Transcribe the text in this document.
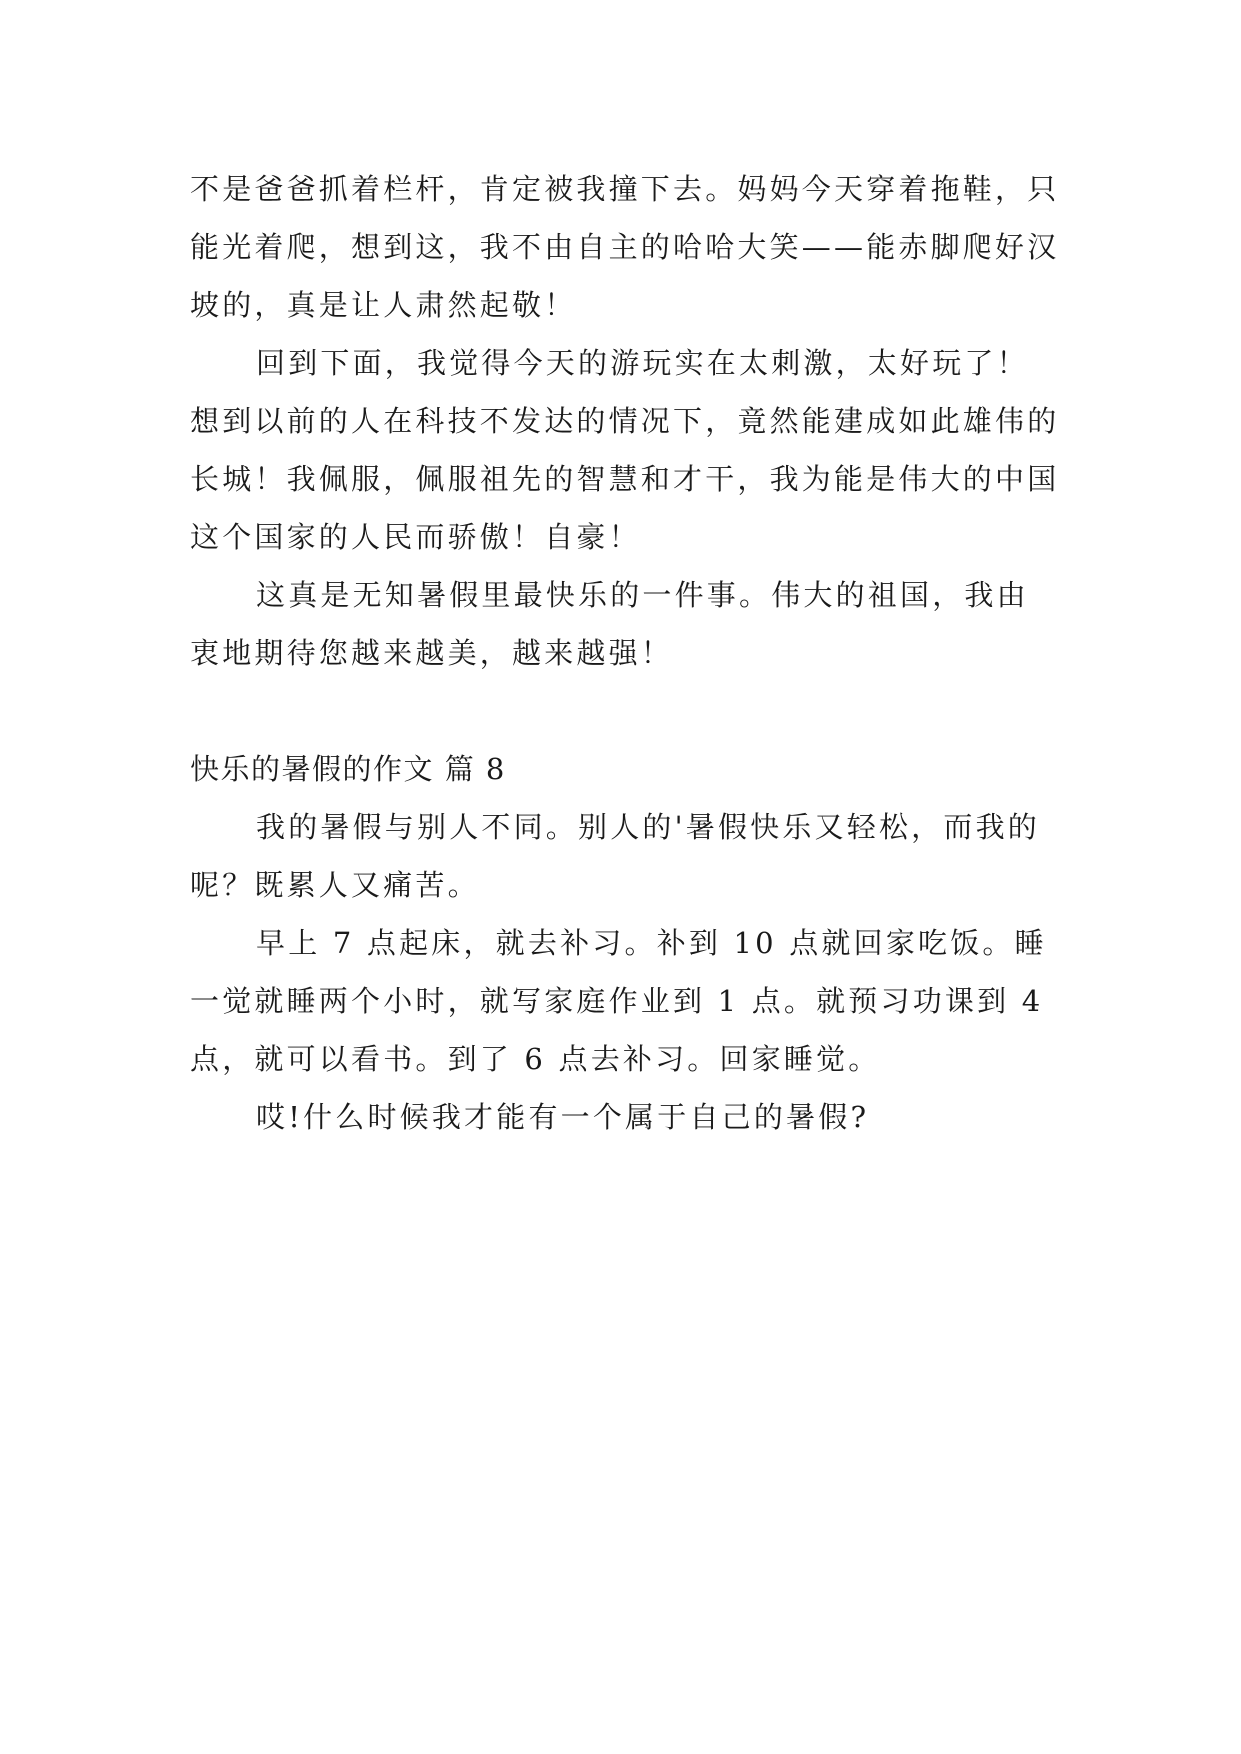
不是爸爸抓着栏杆，肯定被我撞下去。妈妈今天穿着拖鞋，只能光着爬，想到这，我不由自主的哈哈大笑——能赤脚爬好汉坡的，真是让人肃然起敬！

回到下面，我觉得今天的游玩实在太刺激，太好玩了！想到以前的人在科技不发达的情况下，竟然能建成如此雄伟的长城！我佩服，佩服祖先的智慧和才干，我为能是伟大的中国这个国家的人民而骄傲！自豪！

这真是无知暑假里最快乐的一件事。伟大的祖国，我由衷地期待您越来越美，越来越强！

快乐的暑假的作文 篇 8

我的暑假与别人不同。别人的'暑假快乐又轻松，而我的呢？既累人又痛苦。

早上 7 点起床，就去补习。补到 10 点就回家吃饭。睡一觉就睡两个小时，就写家庭作业到 1 点。就预习功课到 4 点，就可以看书。到了 6 点去补习。回家睡觉。

哎!什么时候我才能有一个属于自己的暑假?
